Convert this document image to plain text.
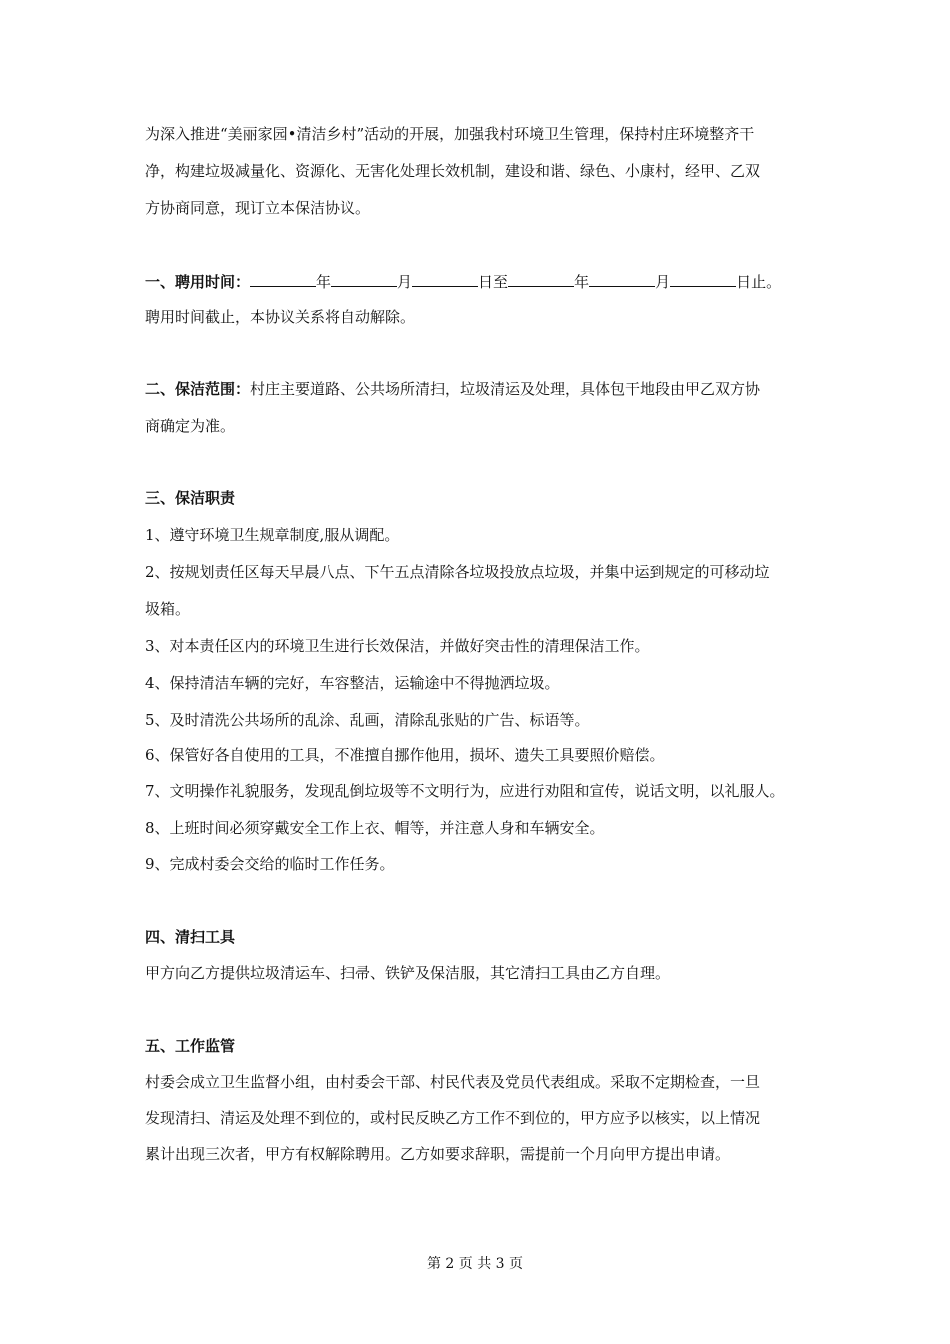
为深入推进“美丽家园•清洁乡村”活动的开展，加强我村环境卫生管理，保持村庄环境整齐干
净，构建垃圾减量化、资源化、无害化处理长效机制，建设和谐、绿色、小康村，经甲、乙双
方协商同意，现订立本保洁协议。
一、聘用时间：	年	月	日至	年	月	日止。
聘用时间截止，本协议关系将自动解除。
二、保洁范围：村庄主要道路、公共场所清扫，垃圾清运及处理，具体包干地段由甲乙双方协
商确定为准。
三、保洁职责
1、遵守环境卫生规章制度,服从调配。
2、按规划责任区每天早晨八点、下午五点清除各垃圾投放点垃圾，并集中运到规定的可移动垃
圾箱。
3、对本责任区内的环境卫生进行长效保洁，并做好突击性的清理保洁工作。
4、保持清洁车辆的完好，车容整洁，运输途中不得抛洒垃圾。
5、及时清洗公共场所的乱涂、乱画，清除乱张贴的广告、标语等。
6、保管好各自使用的工具，不准擅自挪作他用，损坏、遗失工具要照价赔偿。
7、文明操作礼貌服务，发现乱倒垃圾等不文明行为，应进行劝阻和宣传，说话文明，以礼服人。
8、上班时间必须穿戴安全工作上衣、帽等，并注意人身和车辆安全。
9、完成村委会交给的临时工作任务。
四、清扫工具
甲方向乙方提供垃圾清运车、扫帚、铁铲及保洁服，其它清扫工具由乙方自理。
五、工作监管
村委会成立卫生监督小组，由村委会干部、村民代表及党员代表组成。采取不定期检查，一旦
发现清扫、清运及处理不到位的，或村民反映乙方工作不到位的，甲方应予以核实，以上情况
累计出现三次者，甲方有权解除聘用。乙方如要求辞职，需提前一个月向甲方提出申请。
第 2 页 共 3 页
